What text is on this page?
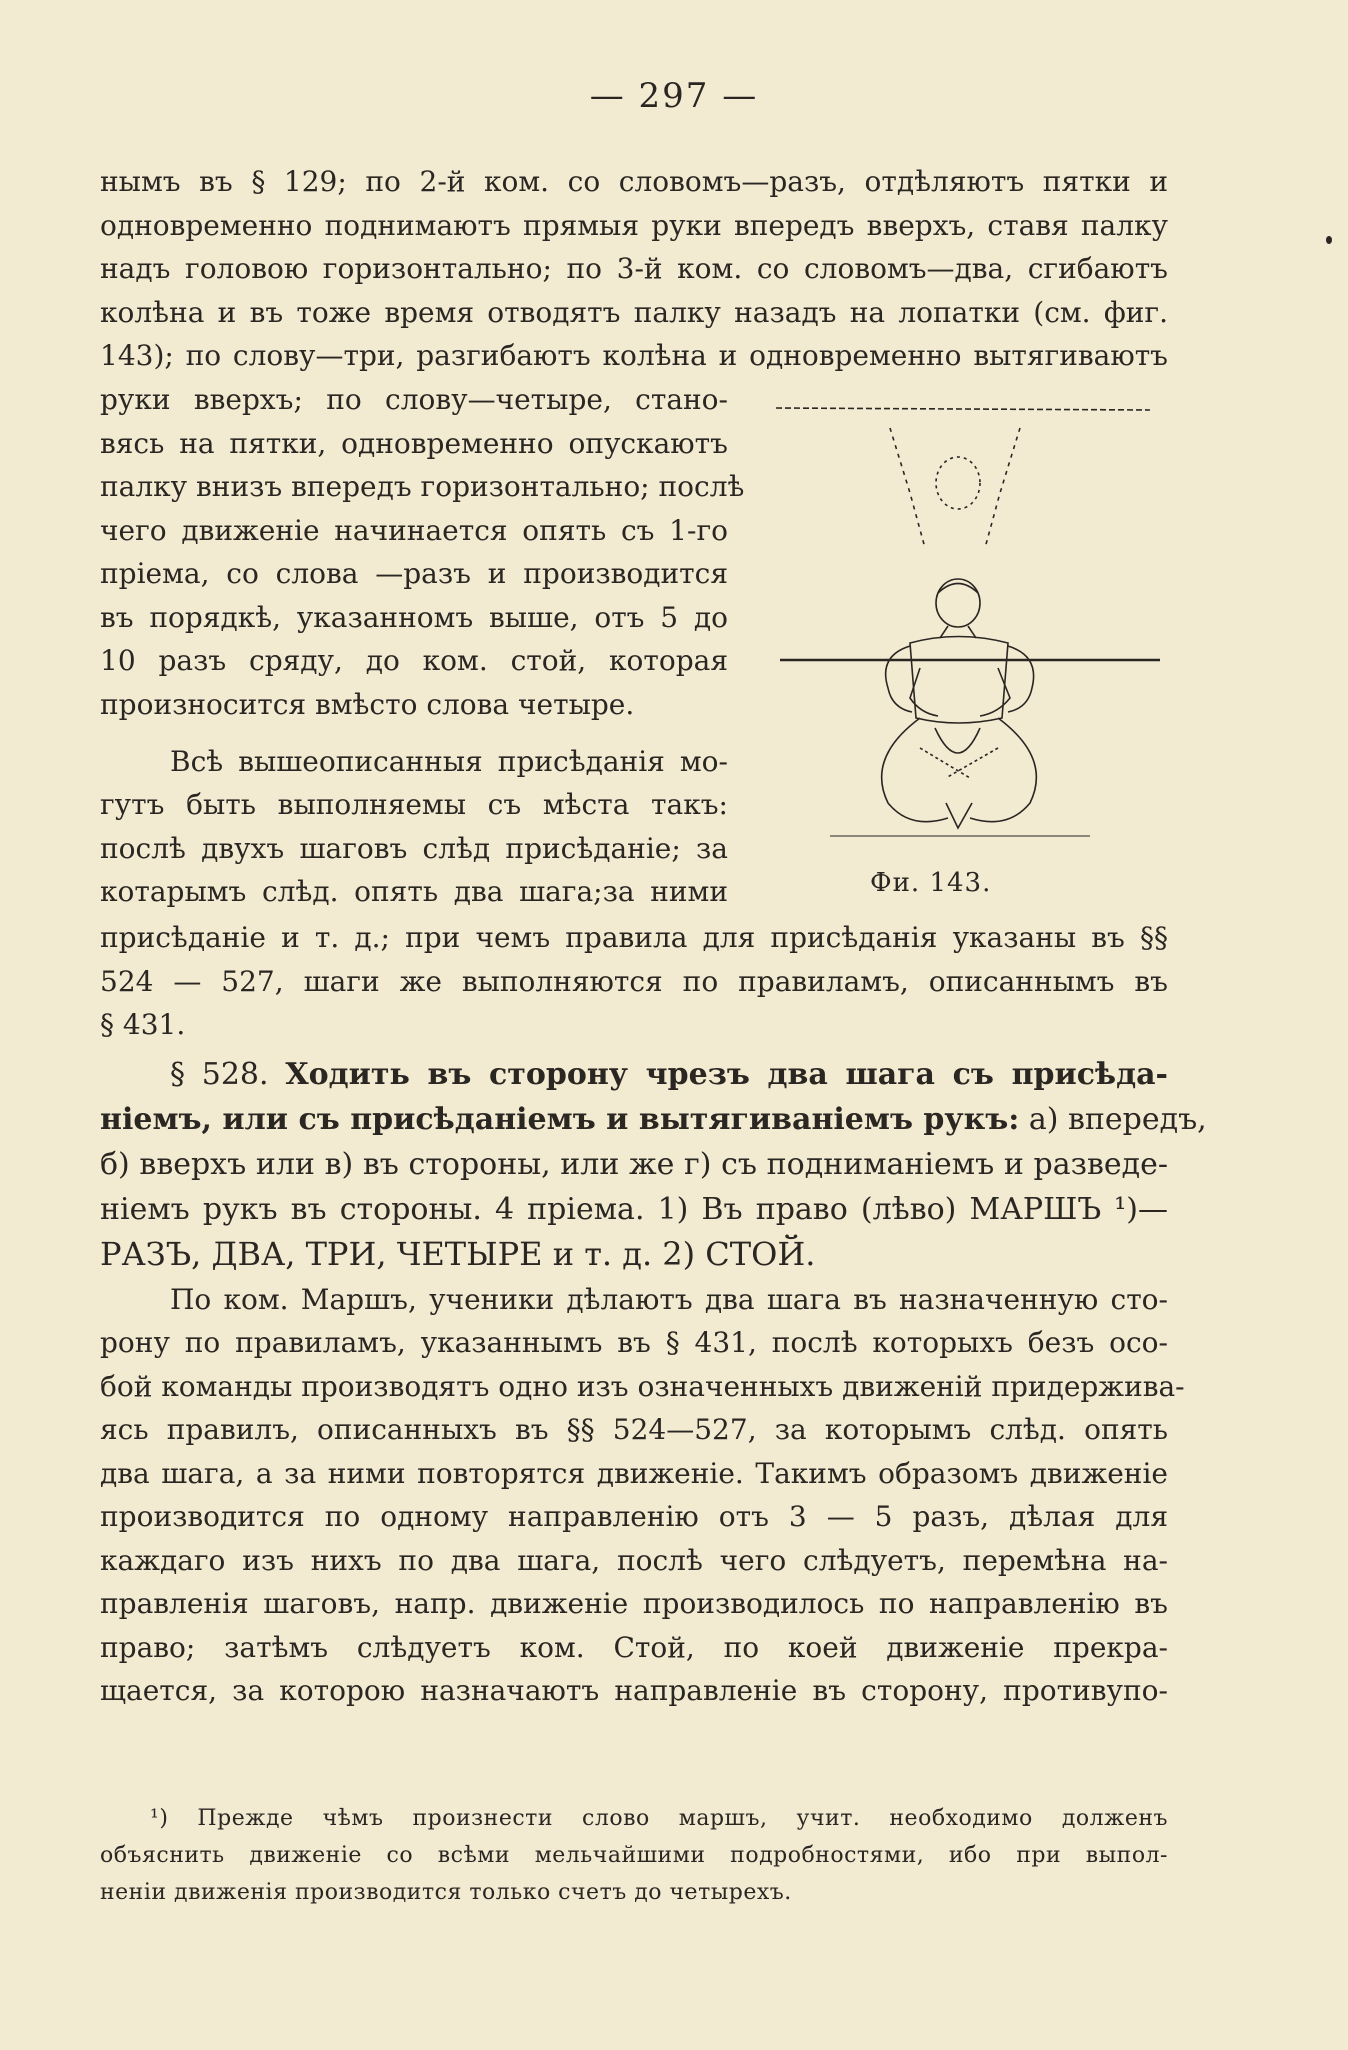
— 297 —
нымъ въ § 129; по 2-й ком. со словомъ—разъ, отдѣляютъ пятки и
одновременно поднимаютъ прямыя руки впередъ вверхъ, ставя палку
надъ головою горизонтально; по 3-й ком. со словомъ—два, сгибаютъ
колѣна и въ тоже время отводятъ палку назадъ на лопатки (см. фиг.
143); по слову—три, разгибаютъ колѣна и одновременно вытягиваютъ
руки вверхъ; по слову—четыре, стано-
вясь на пятки, одновременно опускаютъ
палку внизъ впередъ горизонтально; послѣ
чего движеніе начинается опять съ 1-го
пріема, со слова —разъ и производится
въ порядкѣ, указанномъ выше, отъ 5 до
10 разъ сряду, до ком. стой, которая
произносится вмѣсто слова четыре.
Всѣ вышеописанныя присѣданія мо-
гутъ быть выполняемы съ мѣста такъ:
послѣ двухъ шаговъ слѣд присѣданіе; за
котарымъ слѣд. опять два шага;за ними
присѣданіе и т. д.; при чемъ правила для присѣданія указаны въ §§
524 — 527, шаги же выполняются по правиламъ, описаннымъ въ
§ 431.
§ 528. Ходить въ сторону чрезъ два шага съ присѣда-
ніемъ, или съ присѣданіемъ и вытягиваніемъ рукъ: а) впередъ,
б) вверхъ или в) въ стороны, или же г) съ подниманіемъ и разведе-
ніемъ рукъ въ стороны. 4 пріема. 1) Въ право (лѣво) МАРШЪ ¹)—
РАЗЪ, ДВА, ТРИ, ЧЕТЫРЕ и т. д. 2) СТОЙ.
По ком. Маршъ, ученики дѣлаютъ два шага въ назначенную сто-
рону по правиламъ, указаннымъ въ § 431, послѣ которыхъ безъ осо-
бой команды производятъ одно изъ означенныхъ движеній придержива-
ясь правилъ, описанныхъ въ §§ 524—527, за которымъ слѣд. опять
два шага, а за ними повторятся движеніе. Такимъ образомъ движеніе
производится по одному направленію отъ 3 — 5 разъ, дѣлая для
каждаго изъ нихъ по два шага, послѣ чего слѣдуетъ, перемѣна на-
правленія шаговъ, напр. движеніе производилось по направленію въ
право; затѣмъ слѣдуетъ ком. Стой, по коей движеніе прекра-
щается, за которою назначаютъ направленіе въ сторону, противупо-
Фи. 143.
¹) Прежде чѣмъ произнести слово маршъ, учит. необходимо долженъ
объяснить движеніе со всѣми мельчайшими подробностями, ибо при выпол-
неніи движенія производится только счетъ до четырехъ.
